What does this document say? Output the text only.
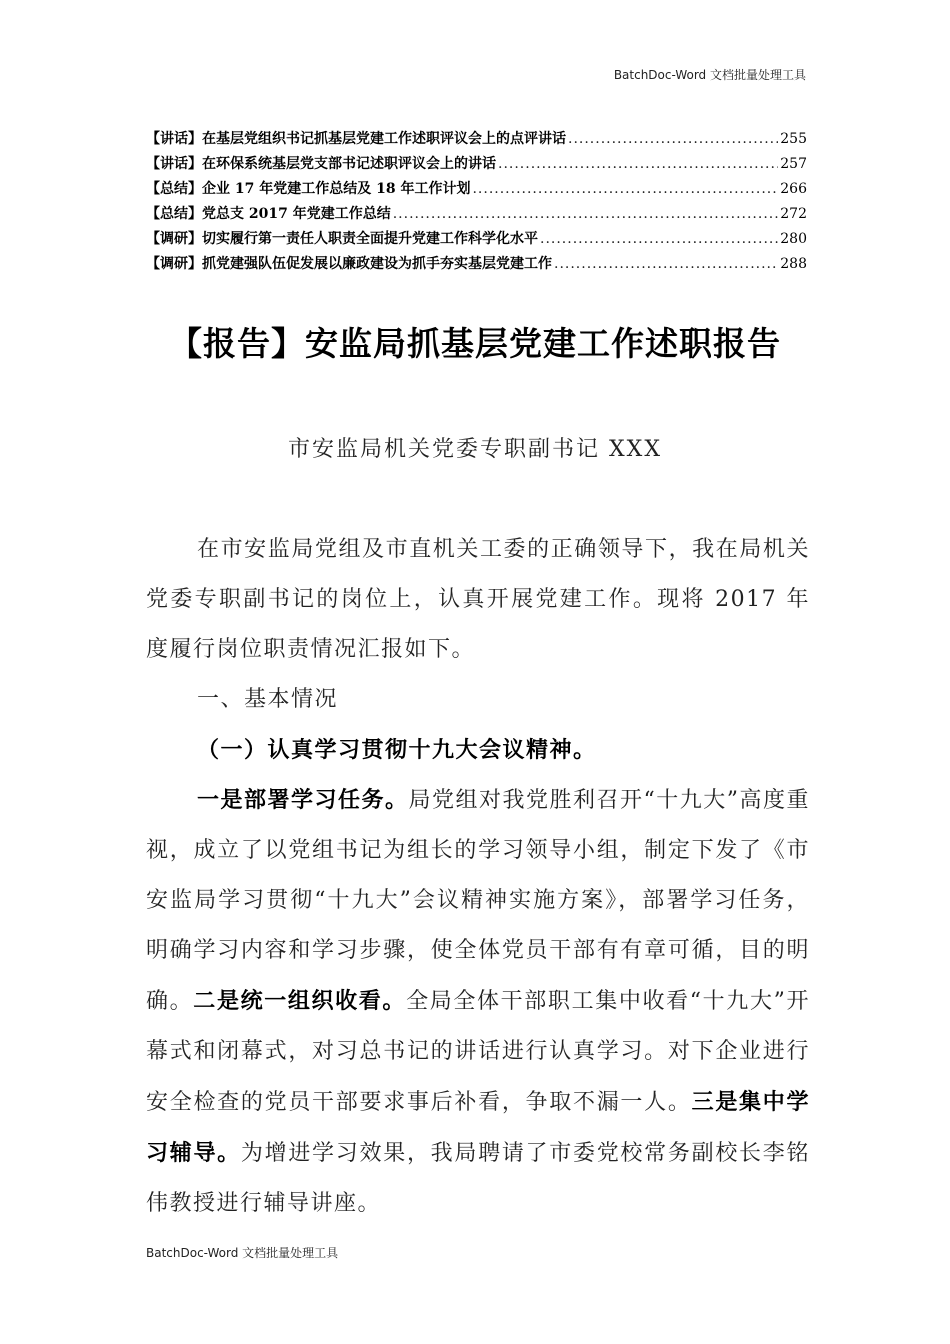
BatchDoc-Word 文档批量处理工具
【讲话】在基层党组织书记抓基层党建工作述职评议会上的点评讲话 .....	255
【讲话】在环保系统基层党支部书记述职评议会上的讲话 .....	257
【总结】企业 17 年党建工作总结及 18 年工作计划 .....	266
【总结】党总支 2017 年党建工作总结 .....	272
【调研】切实履行第一责任人职责全面提升党建工作科学化水平 .....	280
【调研】抓党建强队伍促发展以廉政建设为抓手夯实基层党建工作 .....	288
【报告】安监局抓基层党建工作述职报告
市安监局机关党委专职副书记 XXX

在市安监局党组及市直机关工委的正确领导下，我在局机关党委专职副书记的岗位上，认真开展党建工作。现将 2017 年度履行岗位职责情况汇报如下。

一、基本情况

（一）认真学习贯彻十九大会议精神。

一是部署学习任务。局党组对我党胜利召开“十九大”高度重视，成立了以党组书记为组长的学习领导小组，制定下发了《市安监局学习贯彻“十九大”会议精神实施方案》，部署学习任务，明确学习内容和学习步骤，使全体党员干部有有章可循，目的明确。二是统一组织收看。全局全体干部职工集中收看“十九大”开幕式和闭幕式，对习总书记的讲话进行认真学习。对下企业进行安全检查的党员干部要求事后补看，争取不漏一人。三是集中学习辅导。为增进学习效果，我局聘请了市委党校常务副校长李铭伟教授进行辅导讲座。

BatchDoc-Word 文档批量处理工具
